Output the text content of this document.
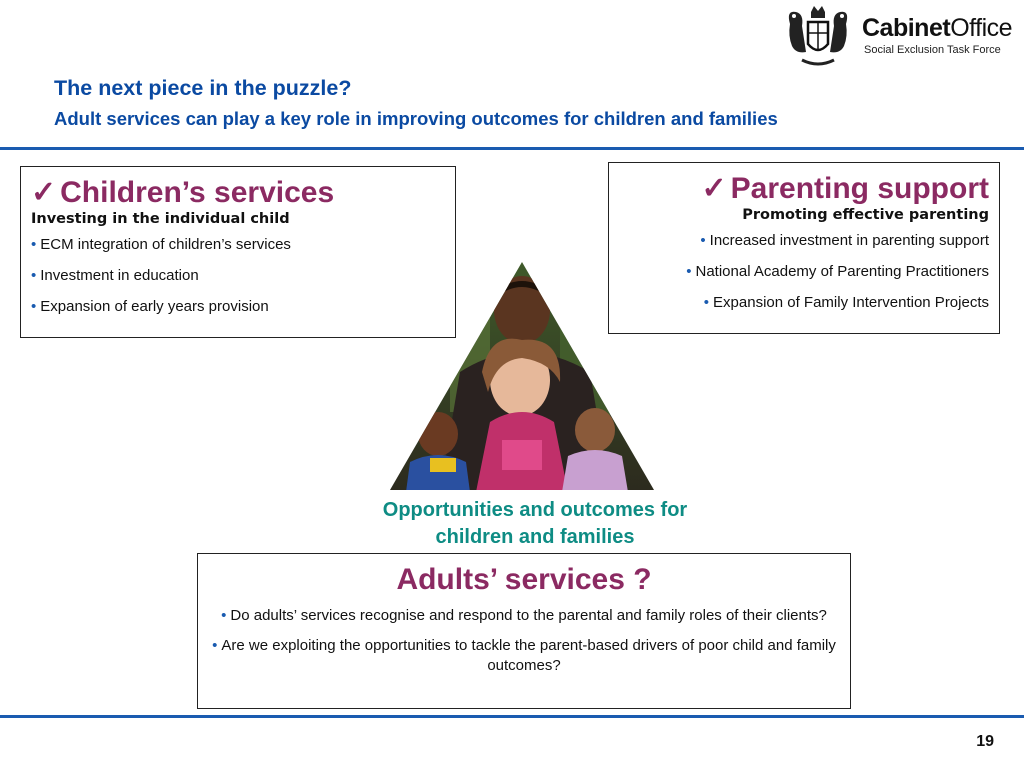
CabinetOffice
Social Exclusion Task Force
The next piece in the puzzle?
Adult services can play a key role in improving outcomes for children and families
✓ Children’s services
Investing in the individual child
• ECM integration of children’s services
• Investment in education
• Expansion of early years provision
✓ Parenting support
Promoting effective parenting
• Increased investment in parenting support
• National Academy of Parenting Practitioners
• Expansion of Family Intervention Projects
Opportunities and outcomes for
children and families
Adults’ services ?
• Do adults’ services recognise and respond to the parental and family roles of their clients?
• Are we exploiting the opportunities to tackle the parent-based drivers of poor child and family outcomes?
19
